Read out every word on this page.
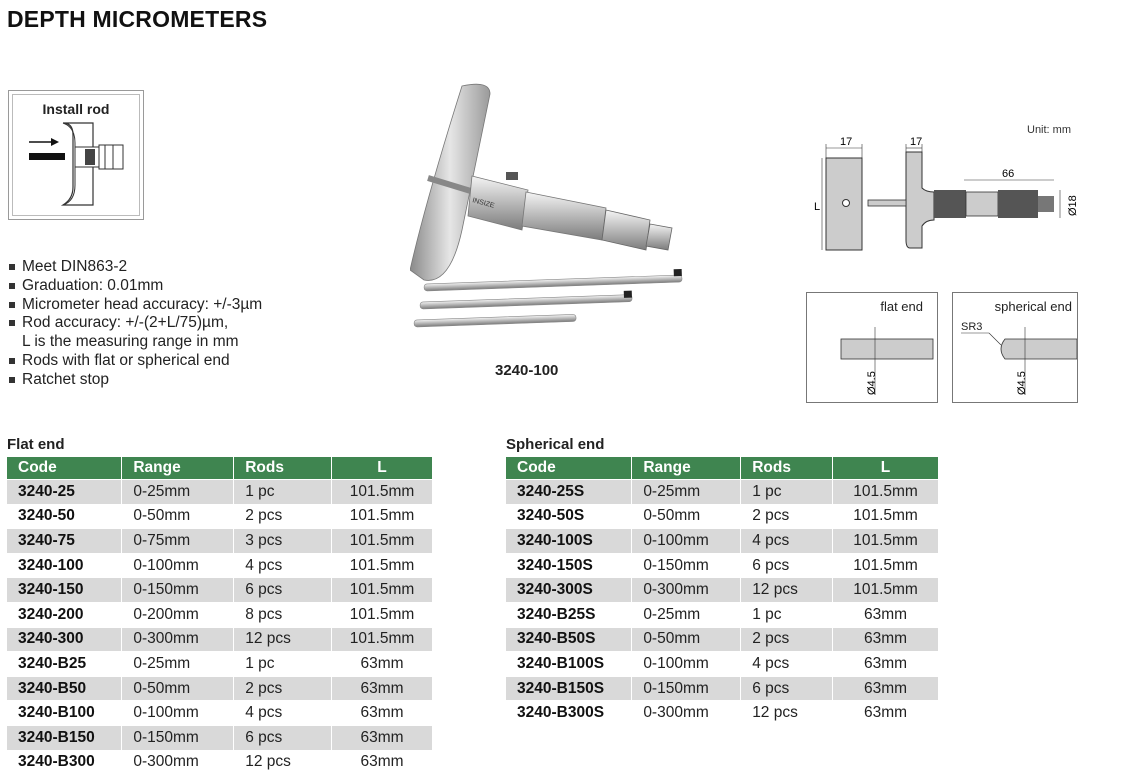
DEPTH MICROMETERS
Install rod
Meet DIN863-2
Graduation: 0.01mm
Micrometer head accuracy: +/-3µm
Rod accuracy: +/-(2+L/75)µm,
L is the measuring range in mm
Rods with flat or spherical end
Ratchet stop
INSIZE
3240-100
Unit: mm
17
L
17
66
Ø18
flat end
Ø4.5
spherical end
SR3
Ø4.5
Flat end
Code	Range	Rods	L
3240-25	0-25mm	1 pc	101.5mm
3240-50	0-50mm	2 pcs	101.5mm
3240-75	0-75mm	3 pcs	101.5mm
3240-100	0-100mm	4 pcs	101.5mm
3240-150	0-150mm	6 pcs	101.5mm
3240-200	0-200mm	8 pcs	101.5mm
3240-300	0-300mm	12 pcs	101.5mm
3240-B25	0-25mm	1 pc	63mm
3240-B50	0-50mm	2 pcs	63mm
3240-B100	0-100mm	4 pcs	63mm
3240-B150	0-150mm	6 pcs	63mm
3240-B300	0-300mm	12 pcs	63mm
Spherical end
Code	Range	Rods	L
3240-25S	0-25mm	1 pc	101.5mm
3240-50S	0-50mm	2 pcs	101.5mm
3240-100S	0-100mm	4 pcs	101.5mm
3240-150S	0-150mm	6 pcs	101.5mm
3240-300S	0-300mm	12 pcs	101.5mm
3240-B25S	0-25mm	1 pc	63mm
3240-B50S	0-50mm	2 pcs	63mm
3240-B100S	0-100mm	4 pcs	63mm
3240-B150S	0-150mm	6 pcs	63mm
3240-B300S	0-300mm	12 pcs	63mm
